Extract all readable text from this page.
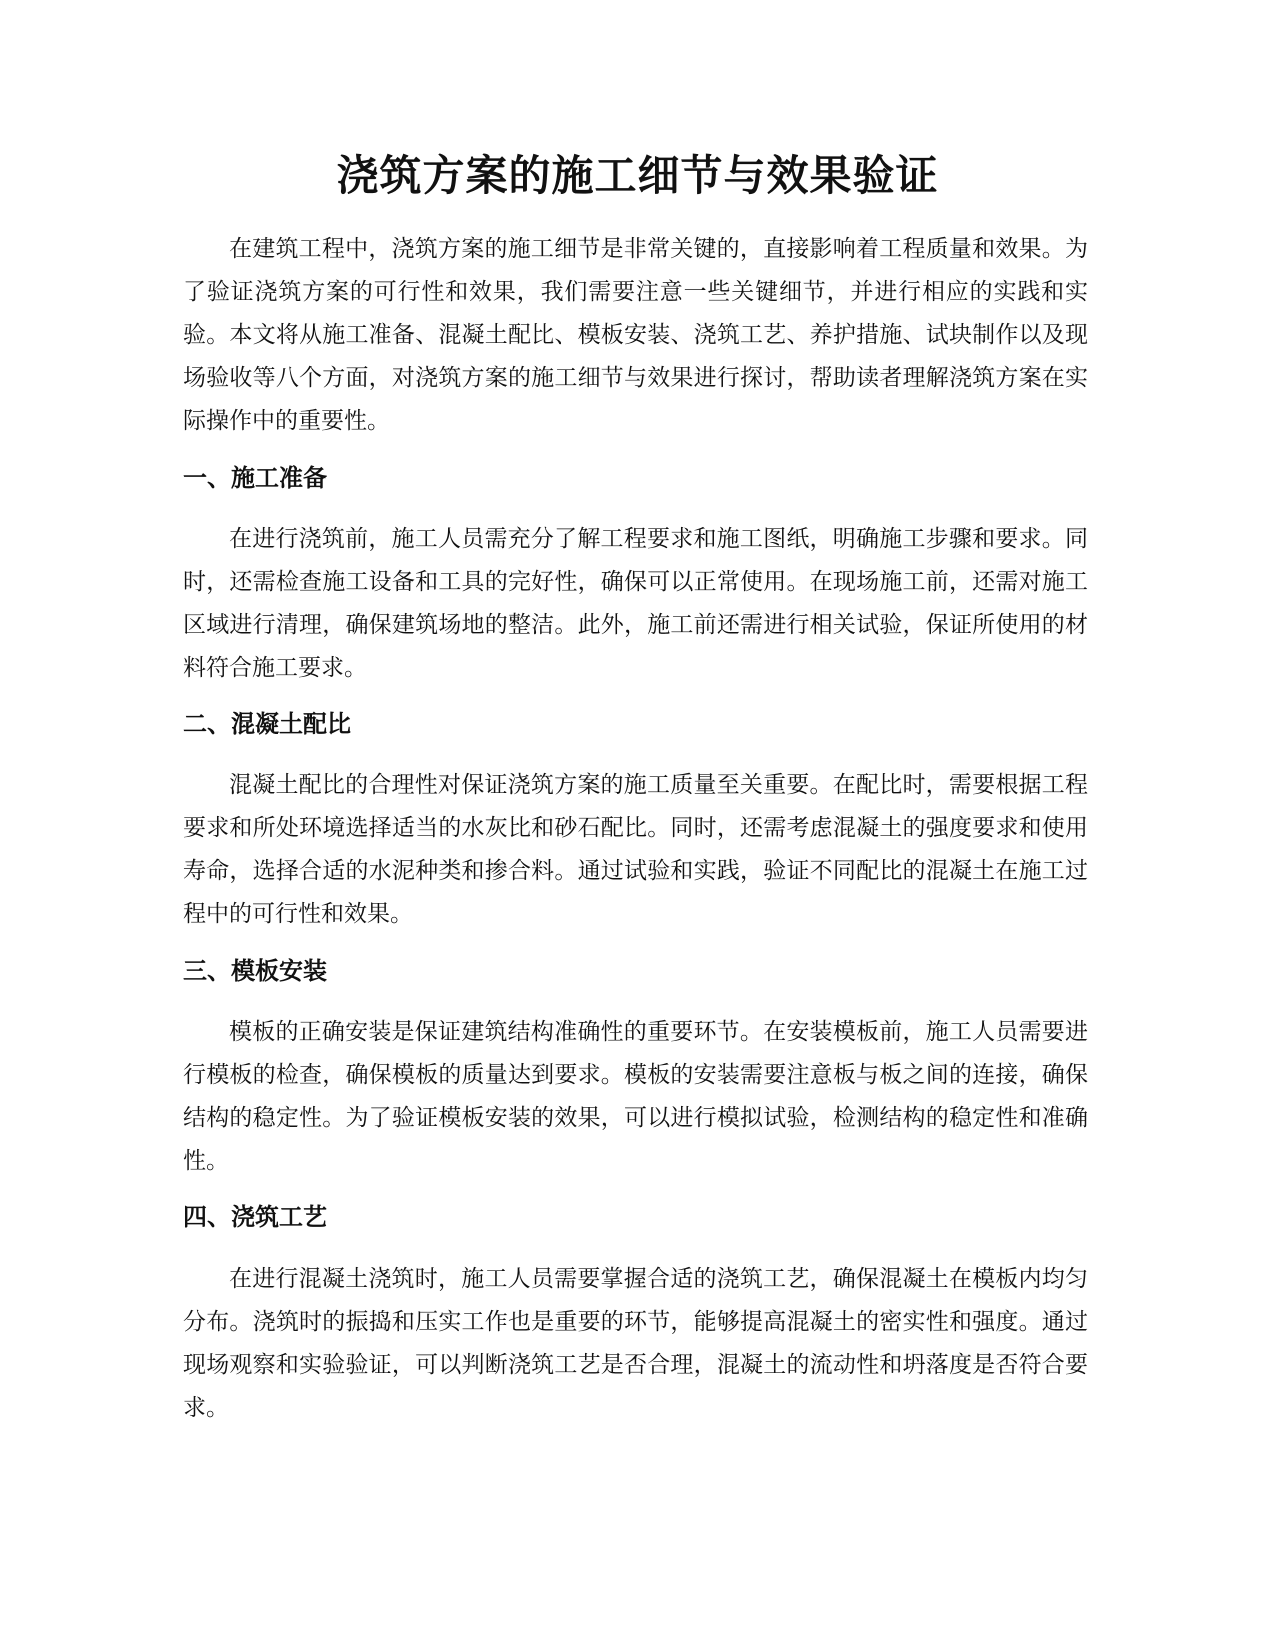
浇筑方案的施工细节与效果验证

在建筑工程中，浇筑方案的施工细节是非常关键的，直接影响着工程质量和效果。为了验证浇筑方案的可行性和效果，我们需要注意一些关键细节，并进行相应的实践和实验。本文将从施工准备、混凝土配比、模板安装、浇筑工艺、养护措施、试块制作以及现场验收等八个方面，对浇筑方案的施工细节与效果进行探讨，帮助读者理解浇筑方案在实际操作中的重要性。

一、施工准备

在进行浇筑前，施工人员需充分了解工程要求和施工图纸，明确施工步骤和要求。同时，还需检查施工设备和工具的完好性，确保可以正常使用。在现场施工前，还需对施工区域进行清理，确保建筑场地的整洁。此外，施工前还需进行相关试验，保证所使用的材料符合施工要求。

二、混凝土配比

混凝土配比的合理性对保证浇筑方案的施工质量至关重要。在配比时，需要根据工程要求和所处环境选择适当的水灰比和砂石配比。同时，还需考虑混凝土的强度要求和使用寿命，选择合适的水泥种类和掺合料。通过试验和实践，验证不同配比的混凝土在施工过程中的可行性和效果。

三、模板安装

模板的正确安装是保证建筑结构准确性的重要环节。在安装模板前，施工人员需要进行模板的检查，确保模板的质量达到要求。模板的安装需要注意板与板之间的连接，确保结构的稳定性。为了验证模板安装的效果，可以进行模拟试验，检测结构的稳定性和准确性。

四、浇筑工艺

在进行混凝土浇筑时，施工人员需要掌握合适的浇筑工艺，确保混凝土在模板内均匀分布。浇筑时的振捣和压实工作也是重要的环节，能够提高混凝土的密实性和强度。通过现场观察和实验验证，可以判断浇筑工艺是否合理，混凝土的流动性和坍落度是否符合要求。
